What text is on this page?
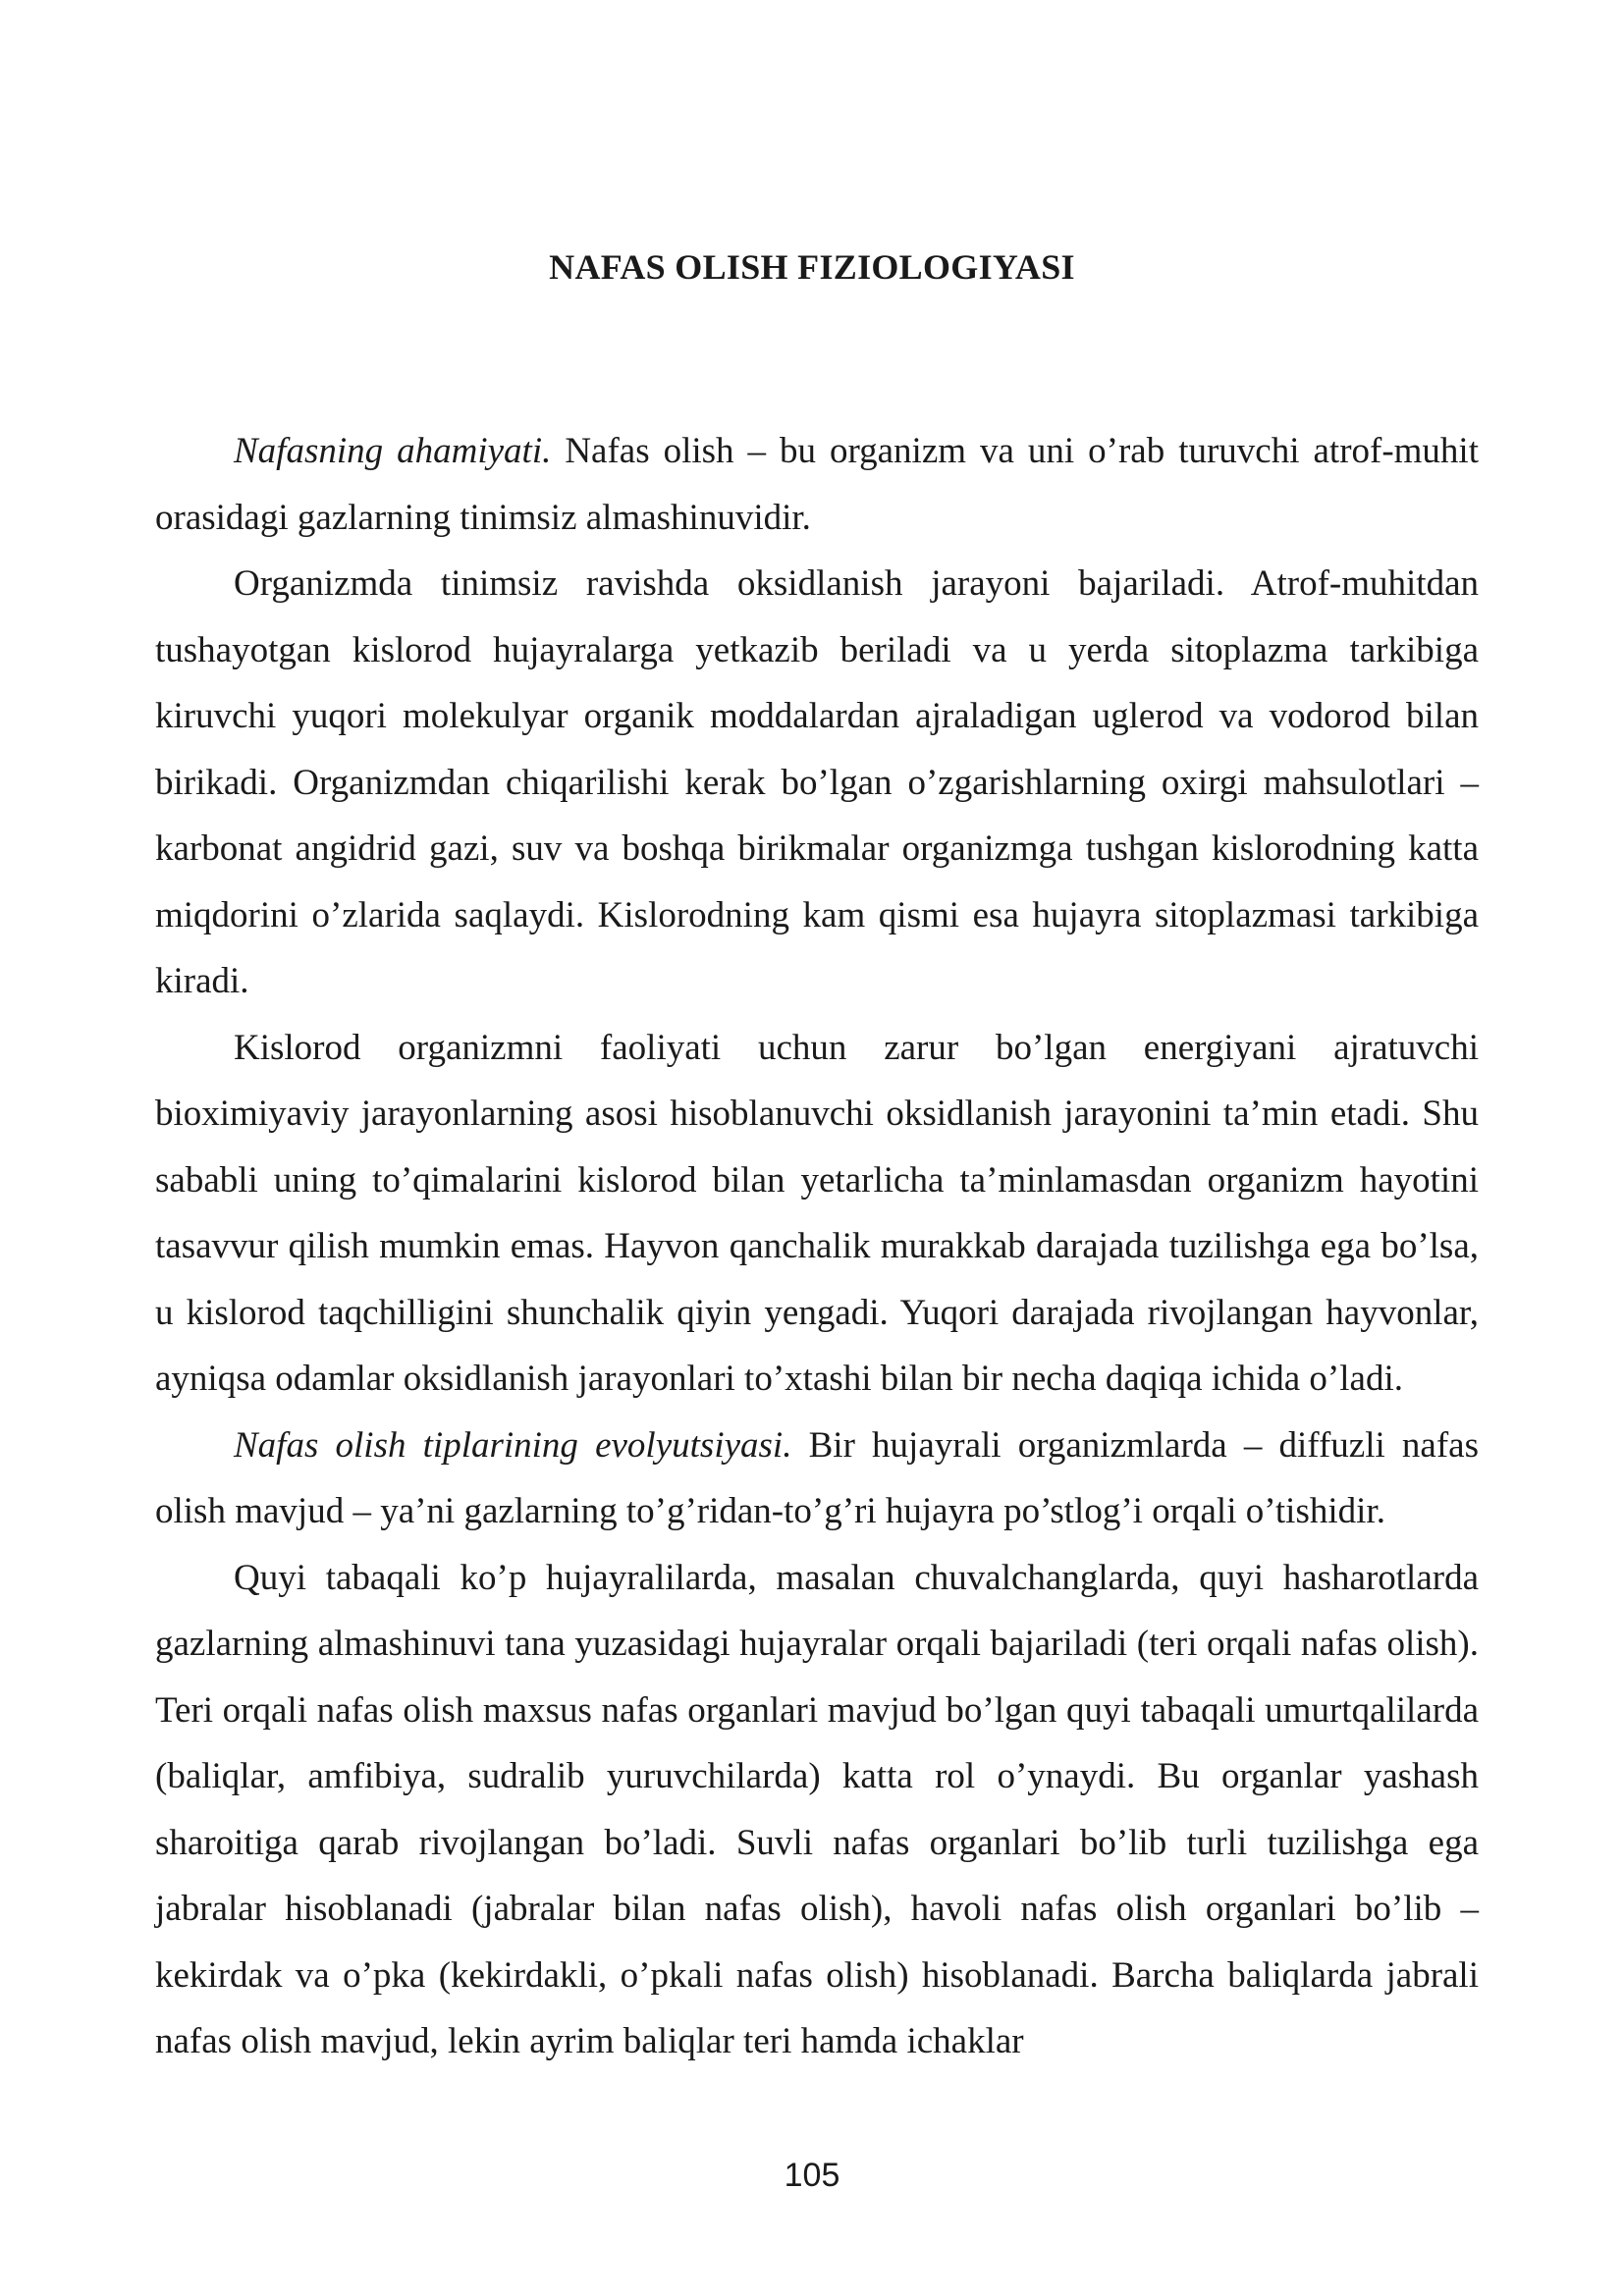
NAFAS OLISH FIZIOLOGIYASI

Nafasning ahamiyati. Nafas olish – bu organizm va uni o’rab turuvchi atrof-muhit orasidagi gazlarning tinimsiz almashinuvidir.

Organizmda tinimsiz ravishda oksidlanish jarayoni bajariladi. Atrof-muhitdan tushayotgan kislorod hujayralarga yetkazib beriladi va u yerda sitoplazma tarkibiga kiruvchi yuqori molekulyar organik moddalardan ajraladigan uglerod va vodorod bilan birikadi. Organizmdan chiqarilishi kerak bo’lgan o’zgarishlarning oxirgi mahsulotlari – karbonat angidrid gazi, suv va boshqa birikmalar organizmga tushgan kislorodning katta miqdorini o’zlarida saqlaydi. Kislorodning kam qismi esa hujayra sitoplazmasi tarkibiga kiradi.

Kislorod organizmni faoliyati uchun zarur bo’lgan energiyani ajratuvchi bioximiyaviy jarayonlarning asosi hisoblanuvchi oksidlanish jarayonini ta’min etadi. Shu sababli uning to’qimalarini kislorod bilan yetarlicha ta’minlamasdan organizm hayotini tasavvur qilish mumkin emas. Hayvon qanchalik murakkab darajada tuzilishga ega bo’lsa, u kislorod taqchilligini shunchalik qiyin yengadi. Yuqori darajada rivojlangan hayvonlar, ayniqsa odamlar oksidlanish jarayonlari to’xtashi bilan bir necha daqiqa ichida o’ladi.

Nafas olish tiplarining evolyutsiyasi. Bir hujayrali organizmlarda – diffuzli nafas olish mavjud – ya’ni gazlarning to’g’ridan-to’g’ri hujayra po’stlog’i orqali o’tishidir.

Quyi tabaqali ko’p hujayralilarda, masalan chuvalchanglarda, quyi hasharotlarda gazlarning almashinuvi tana yuzasidagi hujayralar orqali bajariladi (teri orqali nafas olish). Teri orqali nafas olish maxsus nafas organlari mavjud bo’lgan quyi tabaqali umurtqalilarda (baliqlar, amfibiya, sudralib yuruvchilarda) katta rol o’ynaydi. Bu organlar yashash sharoitiga qarab rivojlangan bo’ladi. Suvli nafas organlari bo’lib turli tuzilishga ega jabralar hisoblanadi (jabralar bilan nafas olish), havoli nafas olish organlari bo’lib – kekirdak va o’pka (kekirdakli, o’pkali nafas olish) hisoblanadi. Barcha baliqlarda jabrali nafas olish mavjud, lekin ayrim baliqlar teri hamda ichaklar

105
